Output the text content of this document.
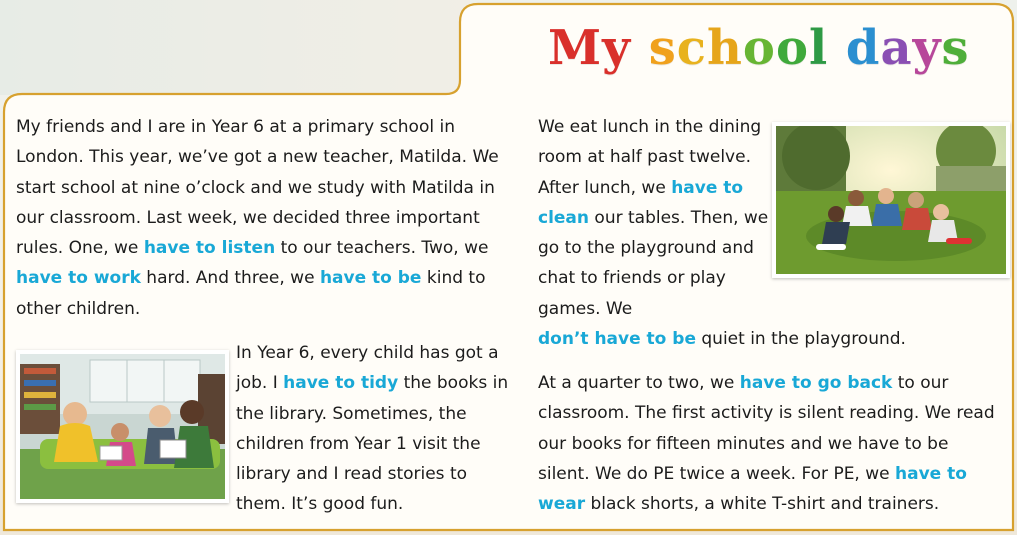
My school days

My friends and I are in Year 6 at a primary school in London. This year, we’ve got a new teacher, Matilda. We start school at nine o’clock and we study with Matilda in our classroom. Last week, we decided three important rules. One, we have to listen to our teachers. Two, we have to work hard. And three, we have to be kind to other children.

In Year 6, every child has got a job. I have to tidy the books in the library. Sometimes, the children from Year 1 visit the library and I read stories to them. It’s good fun.

We eat lunch in the dining room at half past twelve. After lunch, we have to clean our tables. Then, we go to the playground and chat to friends or play games. We

don’t have to be quiet in the playground.

At a quarter to two, we have to go back to our classroom. The first activity is silent reading. We read our books for fifteen minutes and we have to be silent. We do PE twice a week. For PE, we have to wear black shorts, a white T-shirt and trainers.
